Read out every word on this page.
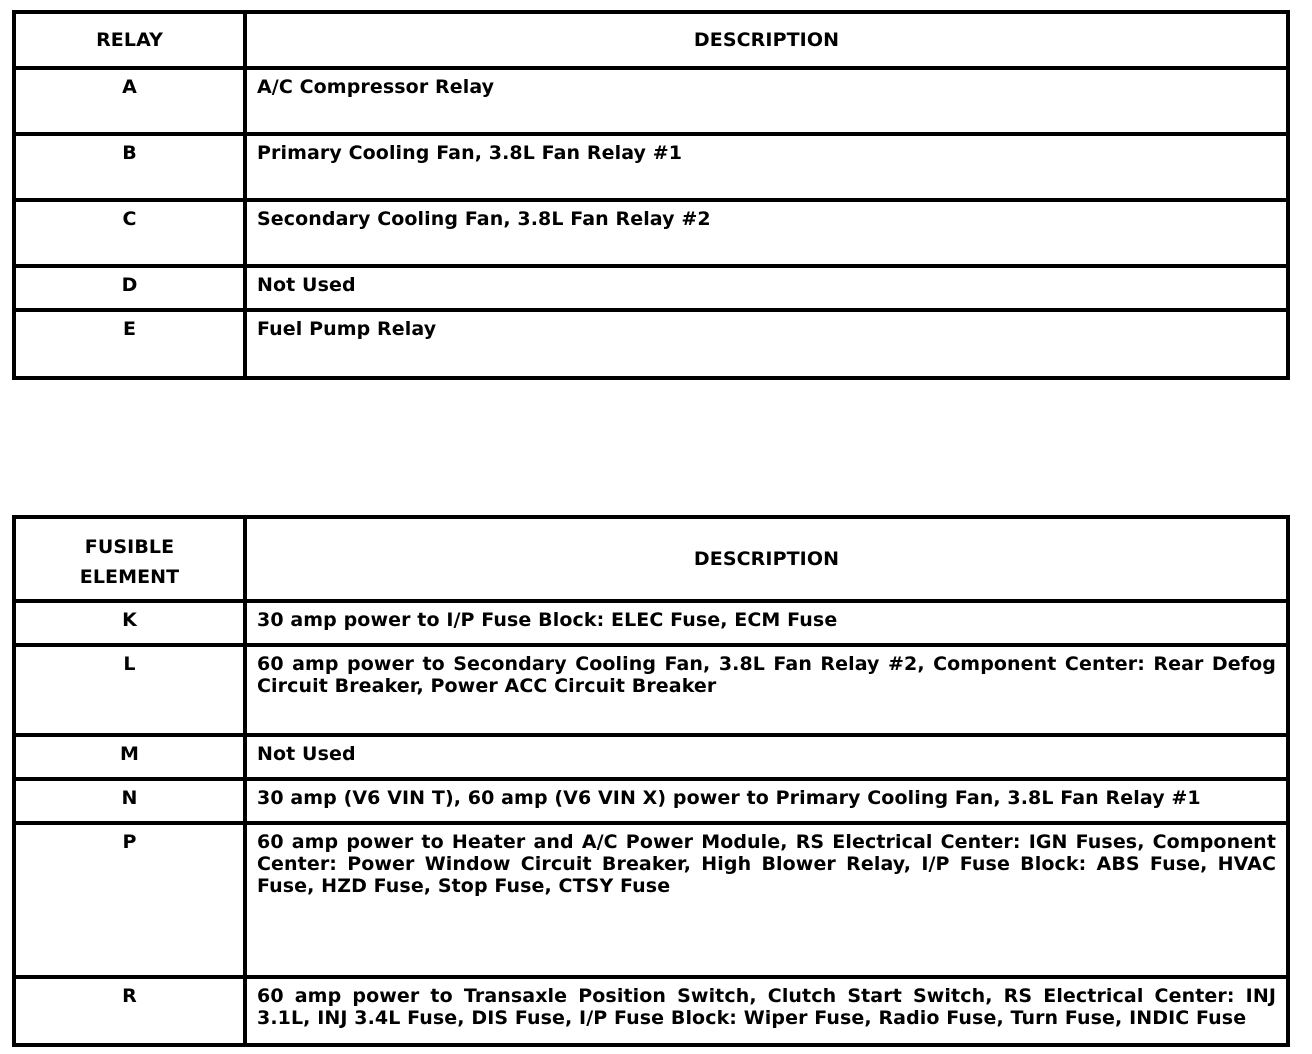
RELAY	DESCRIPTION

A	A/C Compressor Relay

B	Primary Cooling Fan, 3.8L Fan Relay #1

C	Secondary Cooling Fan, 3.8L Fan Relay #2

D	Not Used

E	Fuel Pump Relay
FUSIBLE
ELEMENT	DESCRIPTION

K	30 amp power to I/P Fuse Block: ELEC Fuse, ECM Fuse

L	60 amp power to Secondary Cooling Fan, 3.8L Fan Relay #2, Component Center: Rear Defog Circuit Breaker, Power ACC Circuit Breaker

M	Not Used

N	30 amp (V6 VIN T), 60 amp (V6 VIN X) power to Primary Cooling Fan, 3.8L Fan Relay #1

P	60 amp power to Heater and A/C Power Module, RS Electrical Center: IGN Fuses, Component Center: Power Window Circuit Breaker, High Blower Relay, I/P Fuse Block: ABS Fuse, HVAC Fuse, HZD Fuse, Stop Fuse, CTSY Fuse

R	60 amp power to Transaxle Position Switch, Clutch Start Switch, RS Electrical Center: INJ 3.1L, INJ 3.4L Fuse, DIS Fuse, I/P Fuse Block: Wiper Fuse, Radio Fuse, Turn Fuse, INDIC Fuse
